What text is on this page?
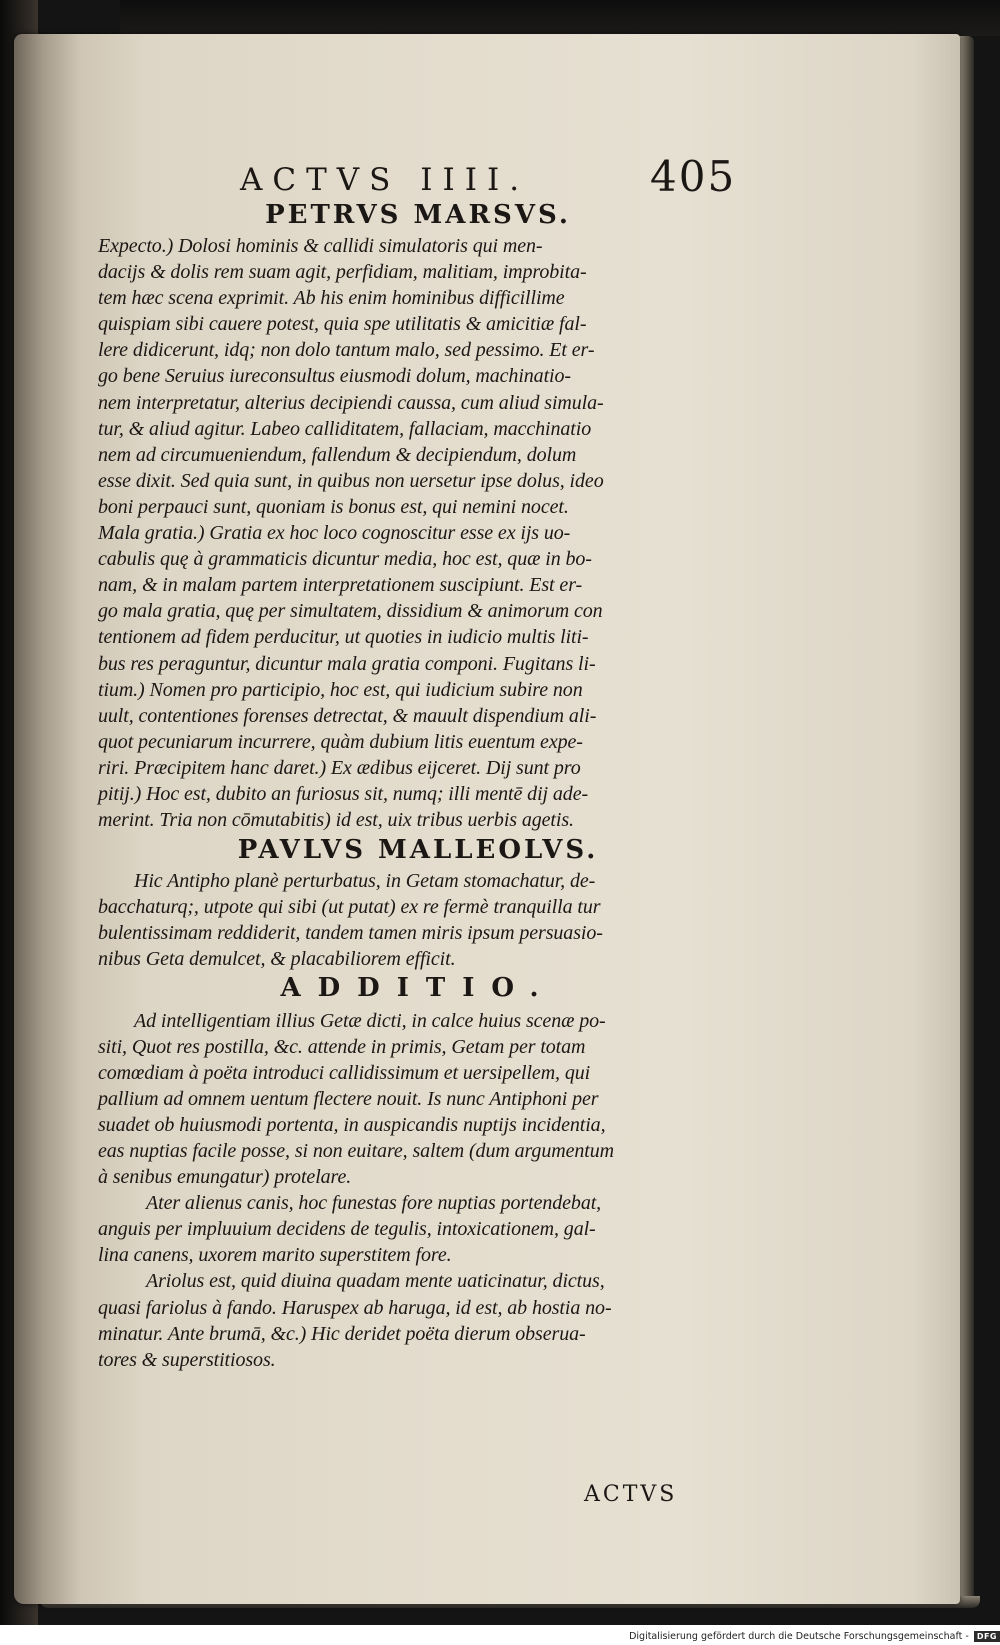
ACTVS IIII.	405
PETRVS MARSVS.

Expecto.) Dolosi hominis & callidi simulatoris qui men-
dacijs & dolis rem suam agit, perfidiam, malitiam, improbita-
tem hæc scena exprimit. Ab his enim hominibus difficillime
quispiam sibi cauere potest, quia spe utilitatis & amicitiæ fal-
lere didicerunt, idq; non dolo tantum malo, sed pessimo. Et er-
go bene Seruius iureconsultus eiusmodi dolum, machinatio-
nem interpretatur, alterius decipiendi caussa, cum aliud simula-
tur, & aliud agitur. Labeo calliditatem, fallaciam, macchinatio
nem ad circumueniendum, fallendum & decipiendum, dolum
esse dixit. Sed quia sunt, in quibus non uersetur ipse dolus, ideo
boni perpauci sunt, quoniam is bonus est, qui nemini nocet.
Mala gratia.) Gratia ex hoc loco cognoscitur esse ex ijs uo-
cabulis quę à grammaticis dicuntur media, hoc est, quæ in bo-
nam, & in malam partem interpretationem suscipiunt. Est er-
go mala gratia, quę per simultatem, dissidium & animorum con
tentionem ad fidem perducitur, ut quoties in iudicio multis liti-
bus res peraguntur, dicuntur mala gratia componi. Fugitans li-
tium.) Nomen pro participio, hoc est, qui iudicium subire non
uult, contentiones forenses detrectat, & mauult dispendium ali-
quot pecuniarum incurrere, quàm dubium litis euentum expe-
riri. Præcipitem hanc daret.) Ex ædibus eijceret. Dij sunt pro
pitij.) Hoc est, dubito an furiosus sit, numq; illi mentē dij ade-
merint. Tria non cōmutabitis) id est, uix tribus uerbis agetis.

PAVLVS MALLEOLVS.

Hic Antipho planè perturbatus, in Getam stomachatur, de-
bacchaturq;, utpote qui sibi (ut putat) ex re fermè tranquilla tur
bulentissimam reddiderit, tandem tamen miris ipsum persuasio-
nibus Geta demulcet, & placabiliorem efficit.

ADDITIO.

Ad intelligentiam illius Getæ dicti, in calce huius scenæ po-
siti, Quot res postilla, &c. attende in primis, Getam per totam
comœdiam à poëta introduci callidissimum et uersipellem, qui
pallium ad omnem uentum flectere nouit. Is nunc Antiphoni per
suadet ob huiusmodi portenta, in auspicandis nuptijs incidentia,
eas nuptias facile posse, si non euitare, saltem (dum argumentum
à senibus emungatur) protelare.

Ater alienus canis, hoc funestas fore nuptias portendebat,
anguis per impluuium decidens de tegulis, intoxicationem, gal-
lina canens, uxorem marito superstitem fore.

Ariolus est, quid diuina quadam mente uaticinatur, dictus,
quasi fariolus à fando. Haruspex ab haruga, id est, ab hostia no-
minatur. Ante brumā, &c.) Hic deridet poëta dierum obserua-
tores & superstitiosos.

ACTVS
Digitalisierung gefördert durch die Deutsche Forschungsgemeinschaft -	DFG
